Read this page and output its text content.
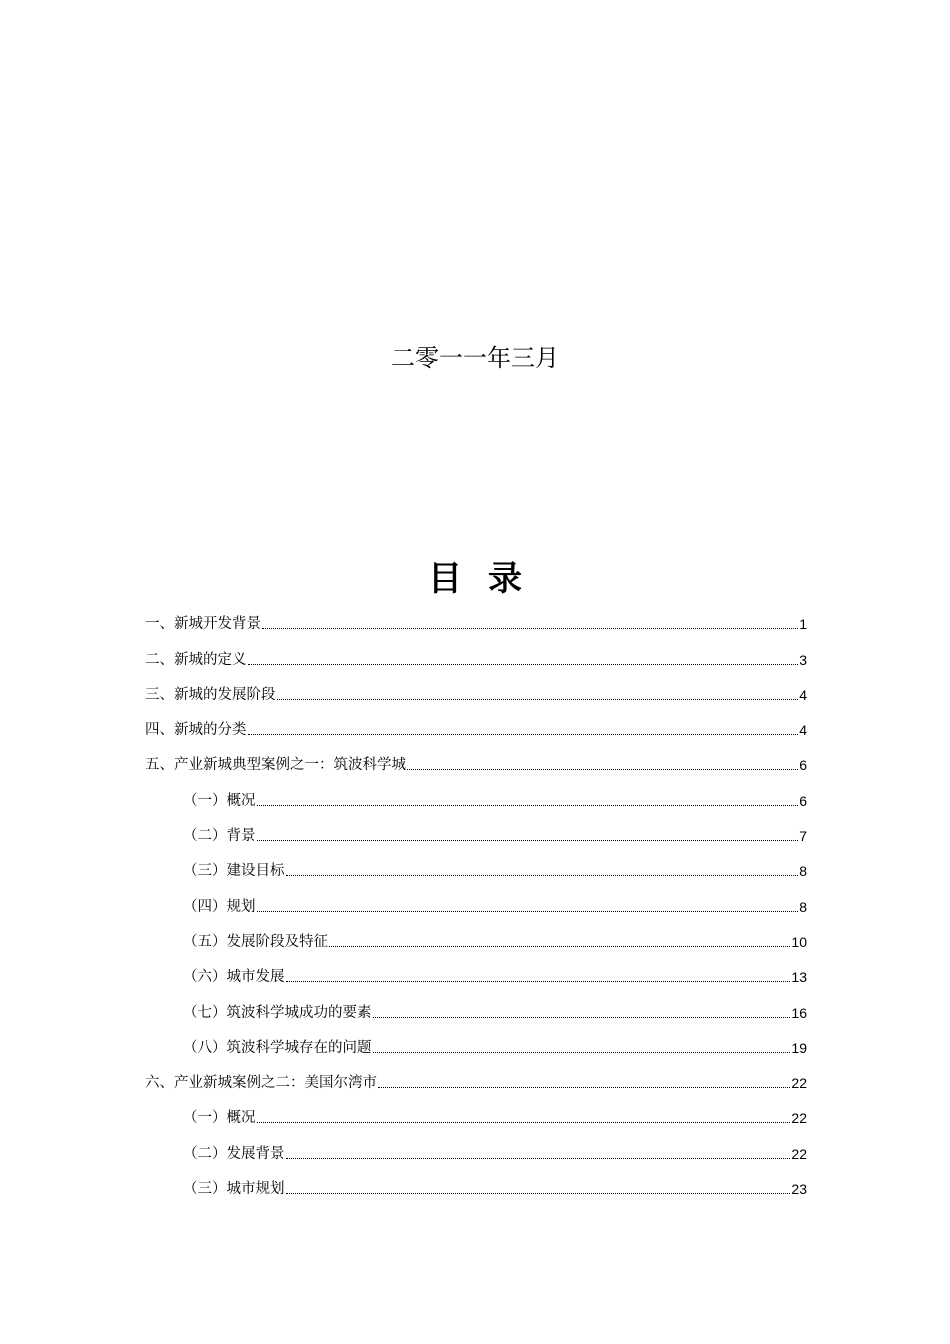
二零一一年三月
目录
一、新城开发背景	1
二、新城的定义	3
三、新城的发展阶段	4
四、新城的分类	4
五、产业新城典型案例之一：筑波科学城	6
（一）概况	6
（二）背景	7
（三）建设目标	8
（四）规划	8
（五）发展阶段及特征	10
（六）城市发展	13
（七）筑波科学城成功的要素	16
（八）筑波科学城存在的问题	19
六、产业新城案例之二：美国尔湾市	22
（一）概况	22
（二）发展背景	22
（三）城市规划	23
